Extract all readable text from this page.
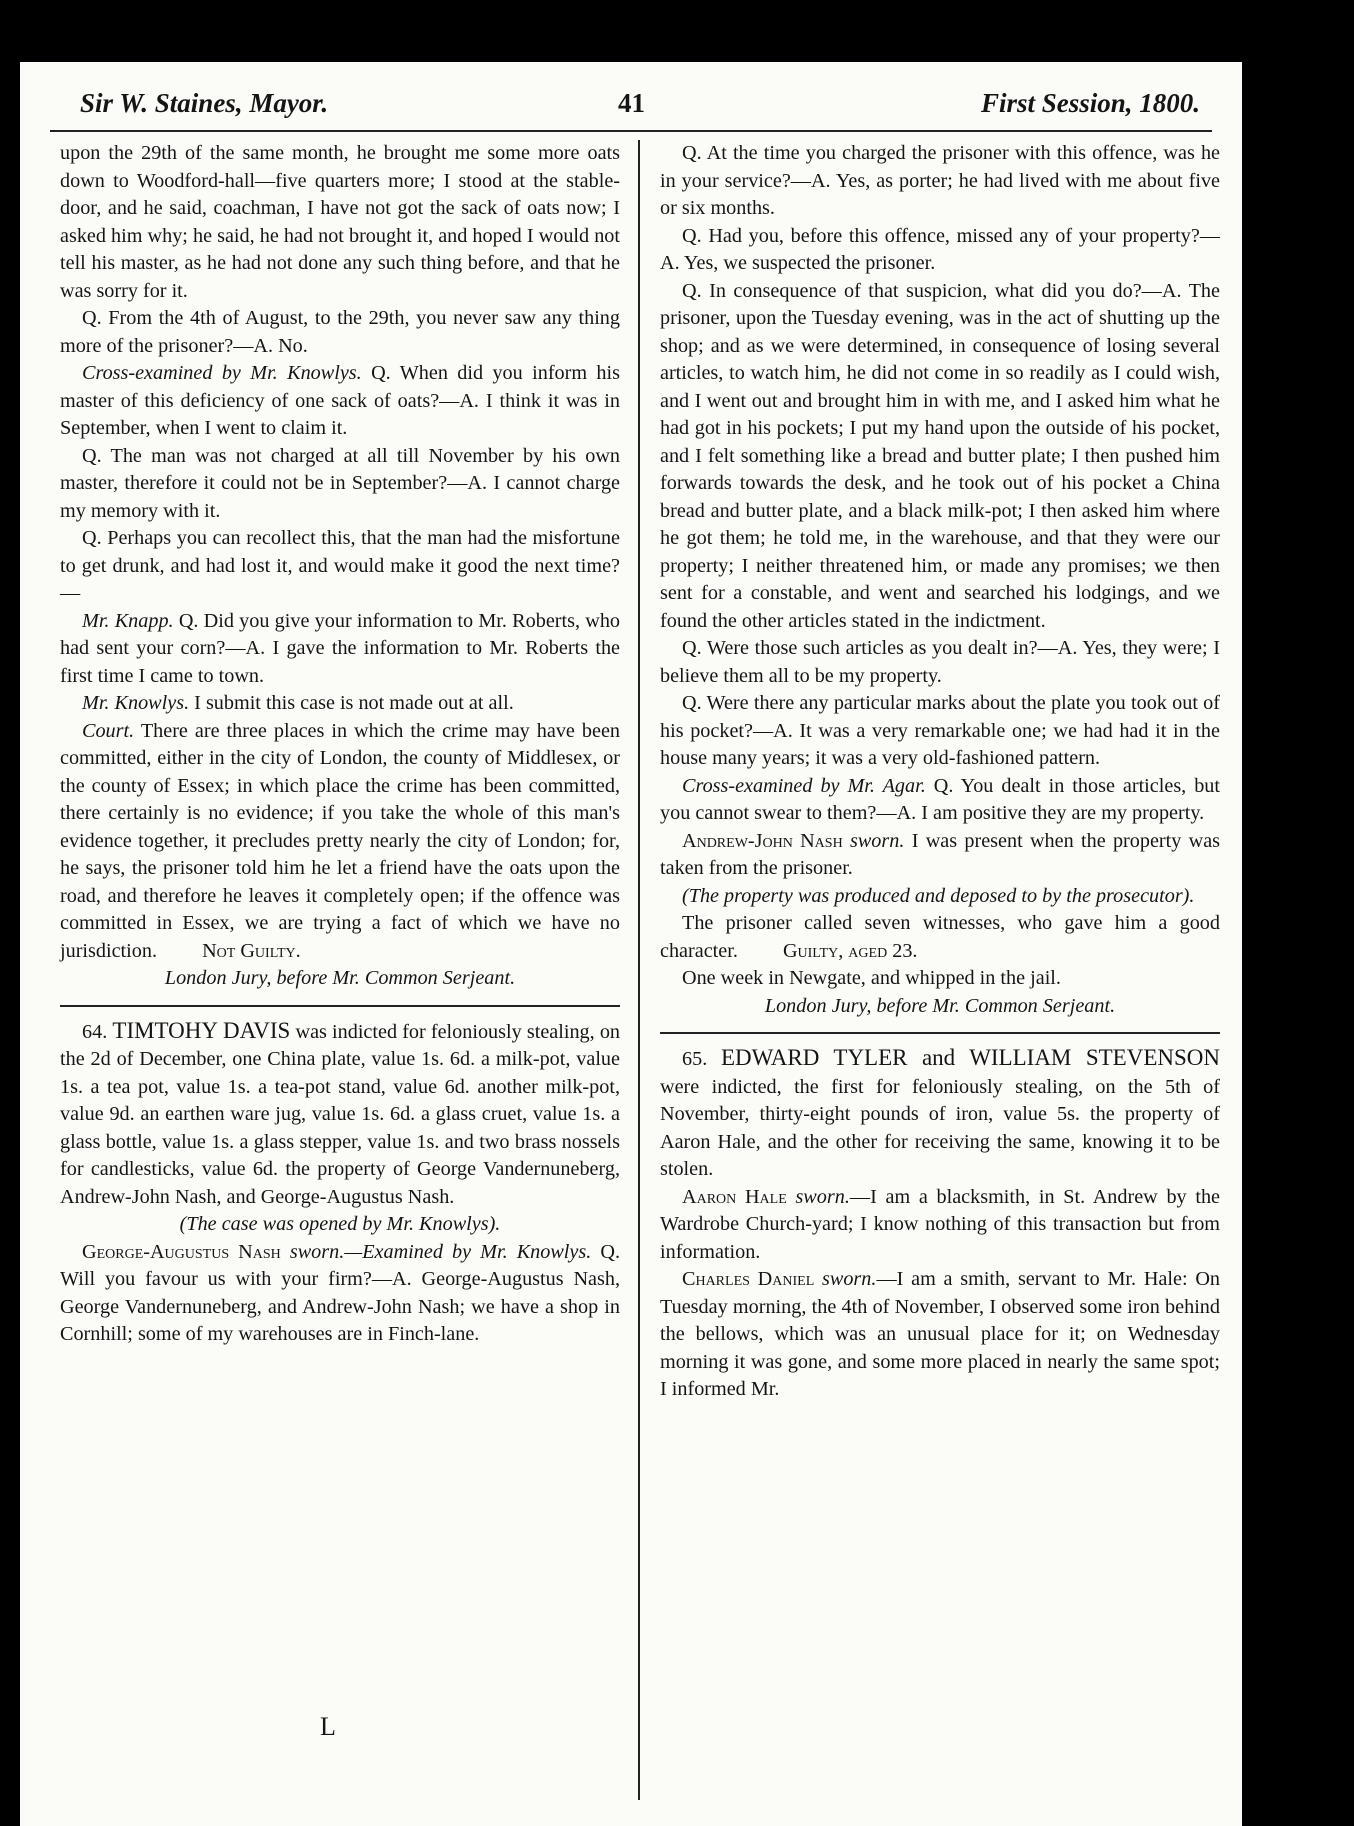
Sir W. Staines, Mayor.	41	First Session, 1800.

upon the 29th of the same month, he brought me some more oats down to Woodford-hall—five quarters more; I stood at the stable-door, and he said, coachman, I have not got the sack of oats now; I asked him why; he said, he had not brought it, and hoped I would not tell his master, as he had not done any such thing before, and that he was sorry for it.

Q. From the 4th of August, to the 29th, you never saw any thing more of the prisoner?—A. No.

Cross-examined by Mr. Knowlys. Q. When did you inform his master of this deficiency of one sack of oats?—A. I think it was in September, when I went to claim it.

Q. The man was not charged at all till November by his own master, therefore it could not be in September?—A. I cannot charge my memory with it.

Q. Perhaps you can recollect this, that the man had the misfortune to get drunk, and had lost it, and would make it good the next time?—

Mr. Knapp. Q. Did you give your information to Mr. Roberts, who had sent your corn?—A. I gave the information to Mr. Roberts the first time I came to town.

Mr. Knowlys. I submit this case is not made out at all.

Court. There are three places in which the crime may have been committed, either in the city of London, the county of Middlesex, or the county of Essex; in which place the crime has been committed, there certainly is no evidence; if you take the whole of this man's evidence together, it precludes pretty nearly the city of London; for, he says, the prisoner told him he let a friend have the oats upon the road, and therefore he leaves it completely open; if the offence was committed in Essex, we are trying a fact of which we have no jurisdiction. Not Guilty.

London Jury, before Mr. Common Serjeant.

64. TIMTOHY DAVIS was indicted for feloniously stealing, on the 2d of December, one China plate, value 1s. 6d. a milk-pot, value 1s. a tea pot, value 1s. a tea-pot stand, value 6d. another milk-pot, value 9d. an earthen ware jug, value 1s. 6d. a glass cruet, value 1s. a glass bottle, value 1s. a glass stepper, value 1s. and two brass nossels for candlesticks, value 6d. the property of George Vandernuneberg, Andrew-John Nash, and George-Augustus Nash.

(The case was opened by Mr. Knowlys).

George-Augustus Nash sworn.—Examined by Mr. Knowlys. Q. Will you favour us with your firm?—A. George-Augustus Nash, George Vandernuneberg, and Andrew-John Nash; we have a shop in Cornhill; some of my warehouses are in Finch-lane.

L

Q. At the time you charged the prisoner with this offence, was he in your service?—A. Yes, as porter; he had lived with me about five or six months.

Q. Had you, before this offence, missed any of your property?—A. Yes, we suspected the prisoner.

Q. In consequence of that suspicion, what did you do?—A. The prisoner, upon the Tuesday evening, was in the act of shutting up the shop; and as we were determined, in consequence of losing several articles, to watch him, he did not come in so readily as I could wish, and I went out and brought him in with me, and I asked him what he had got in his pockets; I put my hand upon the outside of his pocket, and I felt something like a bread and butter plate; I then pushed him forwards towards the desk, and he took out of his pocket a China bread and butter plate, and a black milk-pot; I then asked him where he got them; he told me, in the warehouse, and that they were our property; I neither threatened him, or made any promises; we then sent for a constable, and went and searched his lodgings, and we found the other articles stated in the indictment.

Q. Were those such articles as you dealt in?—A. Yes, they were; I believe them all to be my property.

Q. Were there any particular marks about the plate you took out of his pocket?—A. It was a very remarkable one; we had had it in the house many years; it was a very old-fashioned pattern.

Cross-examined by Mr. Agar. Q. You dealt in those articles, but you cannot swear to them?—A. I am positive they are my property.

Andrew-John Nash sworn. I was present when the property was taken from the prisoner.

(The property was produced and deposed to by the prosecutor).

The prisoner called seven witnesses, who gave him a good character. Guilty, aged 23.

One week in Newgate, and whipped in the jail.

London Jury, before Mr. Common Serjeant.

65. EDWARD TYLER and WILLIAM STEVENSON were indicted, the first for feloniously stealing, on the 5th of November, thirty-eight pounds of iron, value 5s. the property of Aaron Hale, and the other for receiving the same, knowing it to be stolen.

Aaron Hale sworn.—I am a blacksmith, in St. Andrew by the Wardrobe Church-yard; I know nothing of this transaction but from information.

Charles Daniel sworn.—I am a smith, servant to Mr. Hale: On Tuesday morning, the 4th of November, I observed some iron behind the bellows, which was an unusual place for it; on Wednesday morning it was gone, and some more placed in nearly the same spot; I informed Mr.
